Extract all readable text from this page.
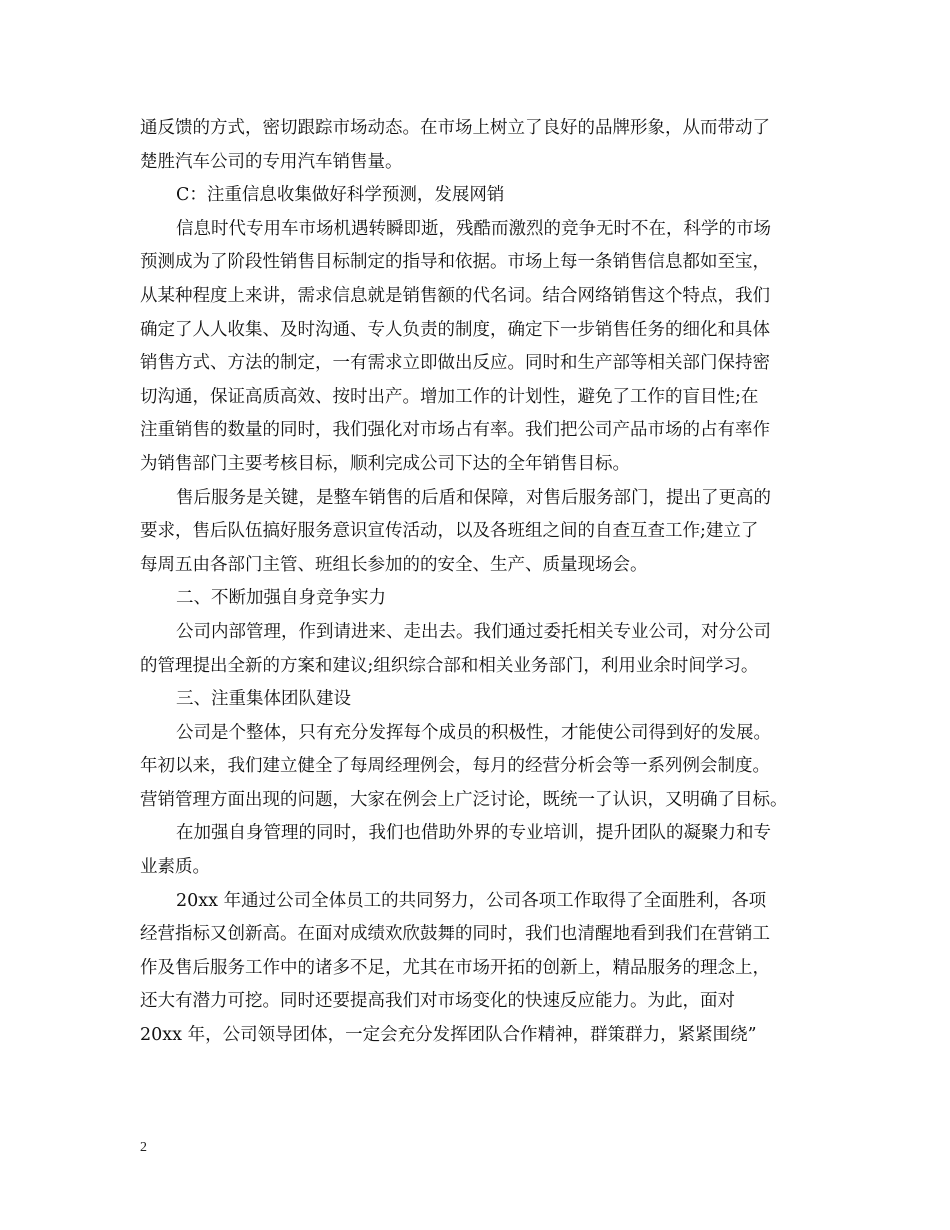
通反馈的方式，密切跟踪市场动态。在市场上树立了良好的品牌形象，从而带动了
楚胜汽车公司的专用汽车销售量。
C：注重信息收集做好科学预测，发展网销
信息时代专用车市场机遇转瞬即逝，残酷而激烈的竞争无时不在，科学的市场
预测成为了阶段性销售目标制定的指导和依据。市场上每一条销售信息都如至宝，
从某种程度上来讲，需求信息就是销售额的代名词。结合网络销售这个特点，我们
确定了人人收集、及时沟通、专人负责的制度，确定下一步销售任务的细化和具体
销售方式、方法的制定，一有需求立即做出反应。同时和生产部等相关部门保持密
切沟通，保证高质高效、按时出产。增加工作的计划性，避免了工作的盲目性;在
注重销售的数量的同时，我们强化对市场占有率。我们把公司产品市场的占有率作
为销售部门主要考核目标，顺利完成公司下达的全年销售目标。
售后服务是关键，是整车销售的后盾和保障，对售后服务部门，提出了更高的
要求，售后队伍搞好服务意识宣传活动，以及各班组之间的自查互查工作;建立了
每周五由各部门主管、班组长参加的的安全、生产、质量现场会。
二、不断加强自身竞争实力
公司内部管理，作到请进来、走出去。我们通过委托相关专业公司，对分公司
的管理提出全新的方案和建议;组织综合部和相关业务部门，利用业余时间学习。
三、注重集体团队建设
公司是个整体，只有充分发挥每个成员的积极性，才能使公司得到好的发展。
年初以来，我们建立健全了每周经理例会，每月的经营分析会等一系列例会制度。
营销管理方面出现的问题，大家在例会上广泛讨论，既统一了认识，又明确了目标。
在加强自身管理的同时，我们也借助外界的专业培训，提升团队的凝聚力和专
业素质。
20xx 年通过公司全体员工的共同努力，公司各项工作取得了全面胜利，各项
经营指标又创新高。在面对成绩欢欣鼓舞的同时，我们也清醒地看到我们在营销工
作及售后服务工作中的诸多不足，尤其在市场开拓的创新上，精品服务的理念上，
还大有潜力可挖。同时还要提高我们对市场变化的快速反应能力。为此，面对
20xx 年，公司领导团体，一定会充分发挥团队合作精神，群策群力，紧紧围绕”
2
